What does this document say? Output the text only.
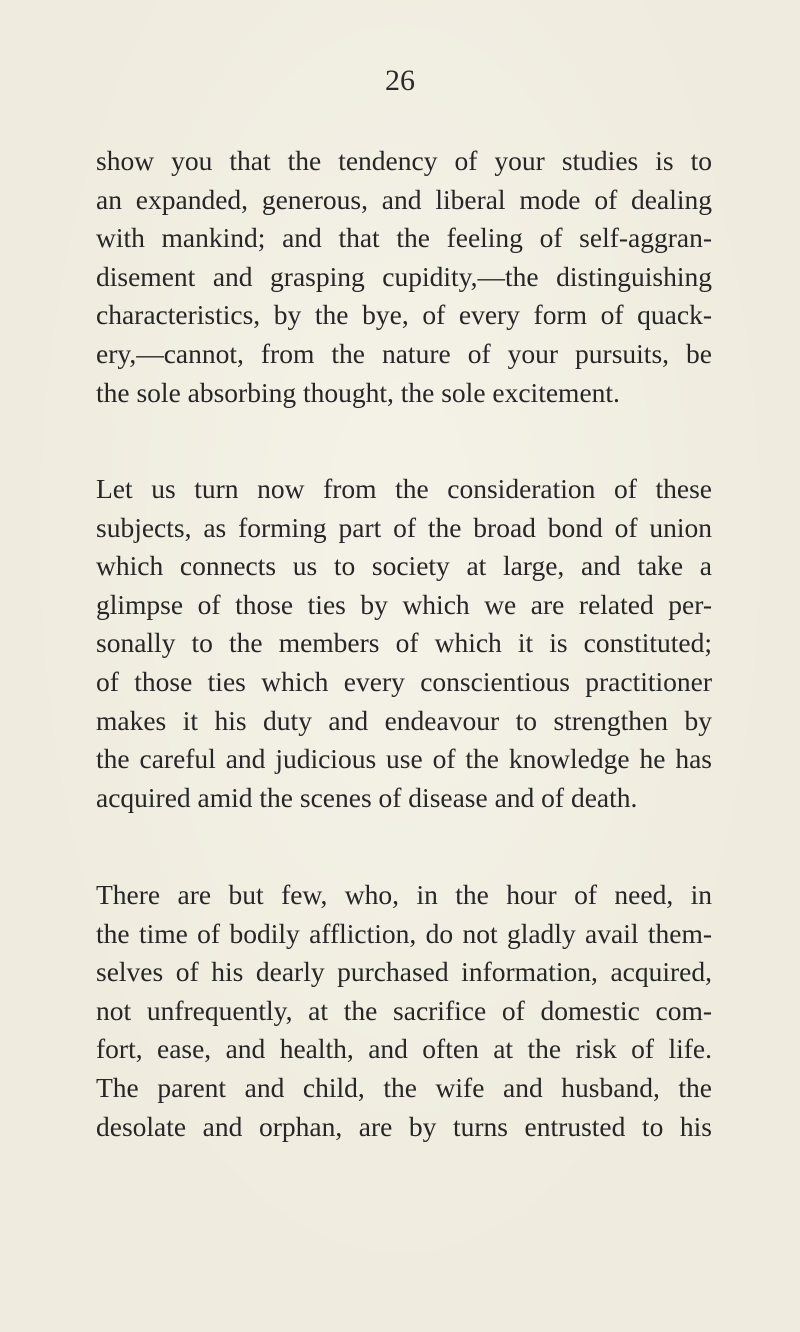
26
show you that the tendency of your studies is to
an expanded, generous, and liberal mode of dealing
with mankind; and that the feeling of self-aggran-
disement and grasping cupidity,—the distinguishing
characteristics, by the bye, of every form of quack-
ery,—cannot, from the nature of your pursuits, be
the sole absorbing thought, the sole excitement.
Let us turn now from the consideration of these
subjects, as forming part of the broad bond of union
which connects us to society at large, and take a
glimpse of those ties by which we are related per-
sonally to the members of which it is constituted;
of those ties which every conscientious practitioner
makes it his duty and endeavour to strengthen by
the careful and judicious use of the knowledge he has
acquired amid the scenes of disease and of death.
There are but few, who, in the hour of need, in
the time of bodily affliction, do not gladly avail them-
selves of his dearly purchased information, acquired,
not unfrequently, at the sacrifice of domestic com-
fort, ease, and health, and often at the risk of life.
The parent and child, the wife and husband, the
desolate and orphan, are by turns entrusted to his
